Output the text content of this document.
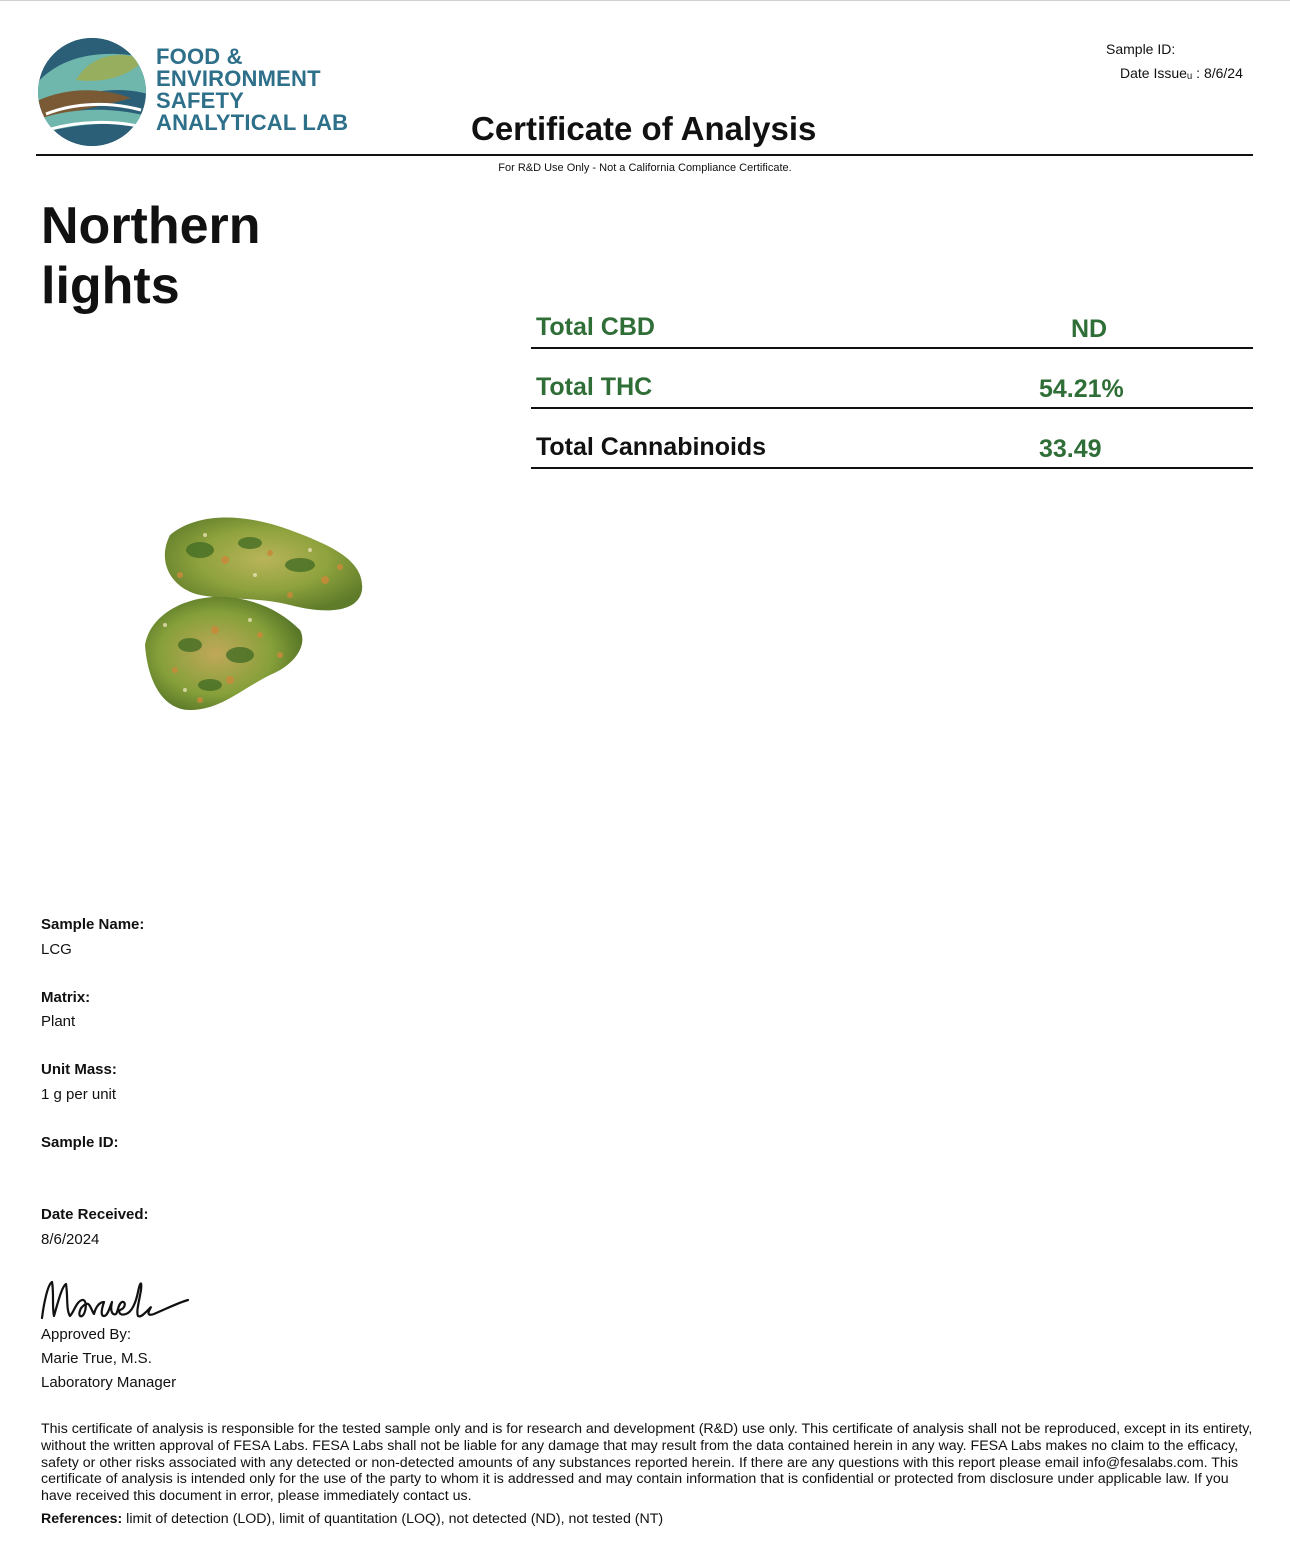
FOOD &
ENVIRONMENT
SAFETY
ANALYTICAL LAB
Sample ID:
Date Issueᵤ : 8/6/24
Certificate of Analysis
For R&D Use Only - Not a California Compliance Certificate.
Northern lights
Total CBD	ND
Total THC	54.21%
Total Cannabinoids	33.49
Sample Name:
LCG
Matrix:
Plant
Unit Mass:
1 g per unit
Sample ID:
Date Received:
8/6/2024
Approved By:
Marie True, M.S.
Laboratory Manager
This certificate of analysis is responsible for the tested sample only and is for research and development (R&D) use only. This certificate of analysis shall not be reproduced, except in its entirety, without the written approval of FESA Labs. FESA Labs shall not be liable for any damage that may result from the data contained herein in any way. FESA Labs makes no claim to the efficacy, safety or other risks associated with any detected or non-detected amounts of any substances reported herein. If there are any questions with this report please email info@fesalabs.com. This certificate of analysis is intended only for the use of the party to whom it is addressed and may contain information that is confidential or protected from disclosure under applicable law. If you have received this document in error, please immediately contact us.
References: limit of detection (LOD), limit of quantitation (LOQ), not detected (ND), not tested (NT)
